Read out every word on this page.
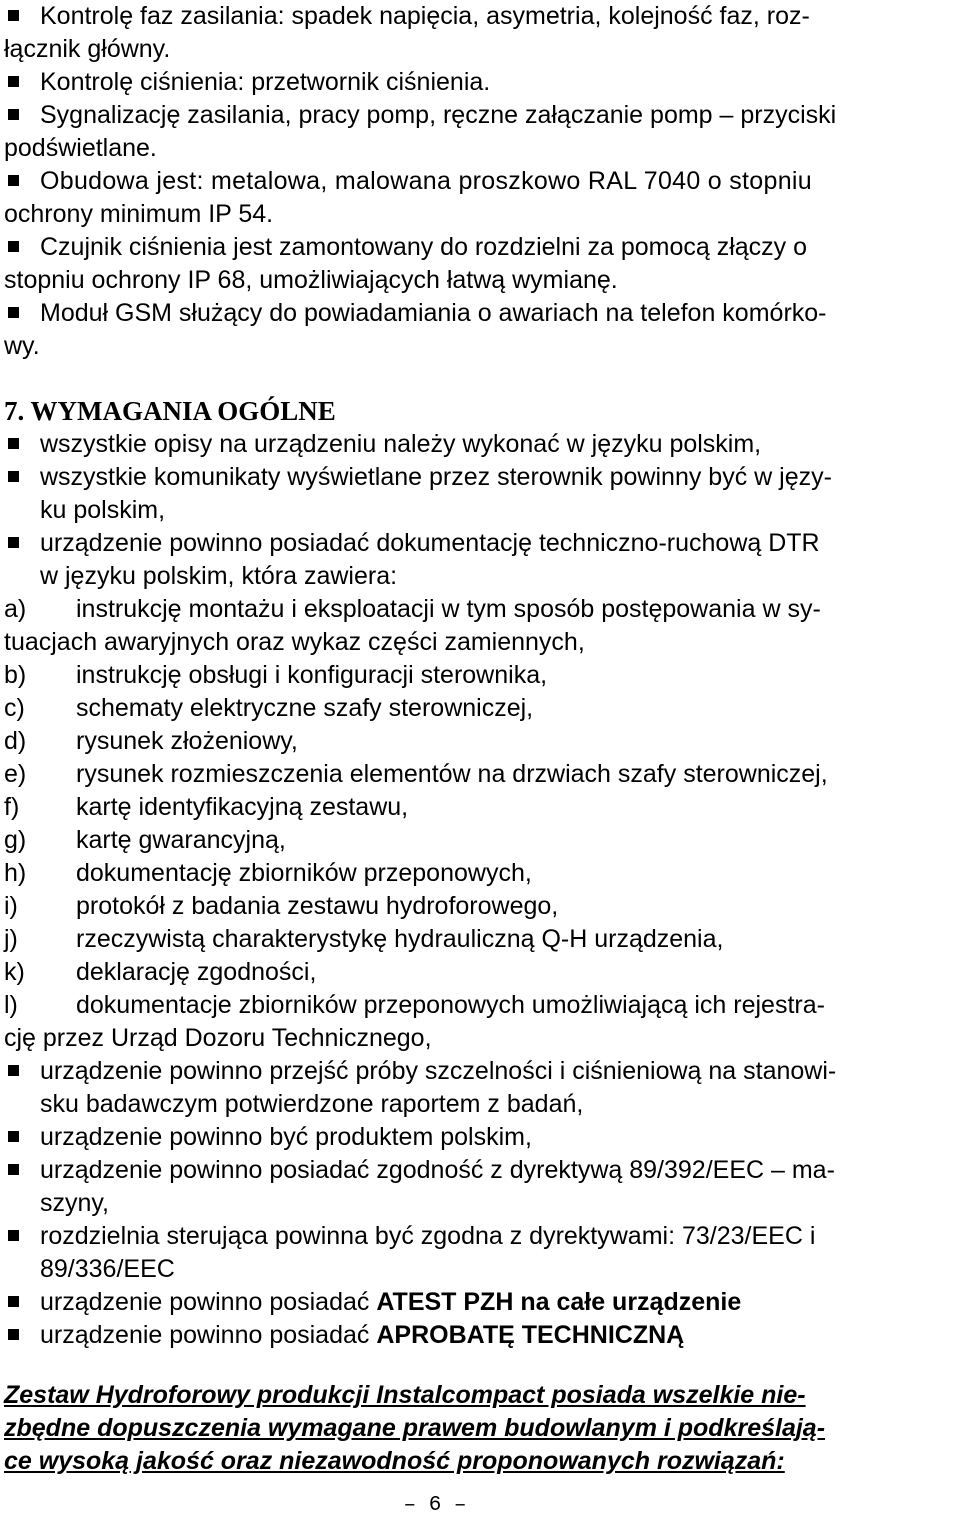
Kontrolę faz zasilania: spadek napięcia, asymetria, kolejność faz, roz-
łącznik główny.
Kontrolę ciśnienia: przetwornik ciśnienia.
Sygnalizację zasilania, pracy pomp, ręczne załączanie pomp – przyciski
podświetlane.
Obudowa jest: metalowa, malowana proszkowo RAL 7040 o stopniu
ochrony minimum IP 54.
Czujnik ciśnienia jest zamontowany do rozdzielni za pomocą złączy o
stopniu ochrony IP 68, umożliwiających łatwą wymianę.
Moduł GSM służący do powiadamiania o awariach na telefon komórko-
wy.
7. WYMAGANIA OGÓLNE
wszystkie opisy na urządzeniu należy wykonać w języku polskim,
wszystkie komunikaty wyświetlane przez sterownik powinny być w języ-
ku polskim,
urządzenie powinno posiadać dokumentację techniczno-ruchową DTR
w języku polskim, która zawiera:
a) instrukcję montażu i eksploatacji w tym sposób postępowania w sy-
tuacjach awaryjnych oraz wykaz części zamiennych,
b) instrukcję obsługi i konfiguracji sterownika,
c) schematy elektryczne szafy sterowniczej,
d) rysunek złożeniowy,
e) rysunek rozmieszczenia elementów na drzwiach szafy sterowniczej,
f) kartę identyfikacyjną zestawu,
g) kartę gwarancyjną,
h) dokumentację zbiorników przeponowych,
i) protokół z badania zestawu hydroforowego,
j) rzeczywistą charakterystykę hydrauliczną Q-H urządzenia,
k) deklarację zgodności,
l) dokumentacje zbiorników przeponowych umożliwiającą ich rejestra-
cję przez Urząd Dozoru Technicznego,
urządzenie powinno przejść próby szczelności i ciśnieniową na stanowi-
sku badawczym potwierdzone raportem z badań,
urządzenie powinno być produktem polskim,
urządzenie powinno posiadać zgodność z dyrektywą 89/392/EEC – ma-
szyny,
rozdzielnia sterująca powinna być zgodna z dyrektywami: 73/23/EEC i
89/336/EEC
urządzenie powinno posiadać ATEST PZH na całe urządzenie
urządzenie powinno posiadać APROBATĘ TECHNICZNĄ
Zestaw Hydroforowy produkcji Instalcompact posiada wszelkie nie-
zbędne dopuszczenia wymagane prawem budowlanym i podkreślają-
ce wysoką jakość oraz niezawodność proponowanych rozwiązań:
– 6 –
